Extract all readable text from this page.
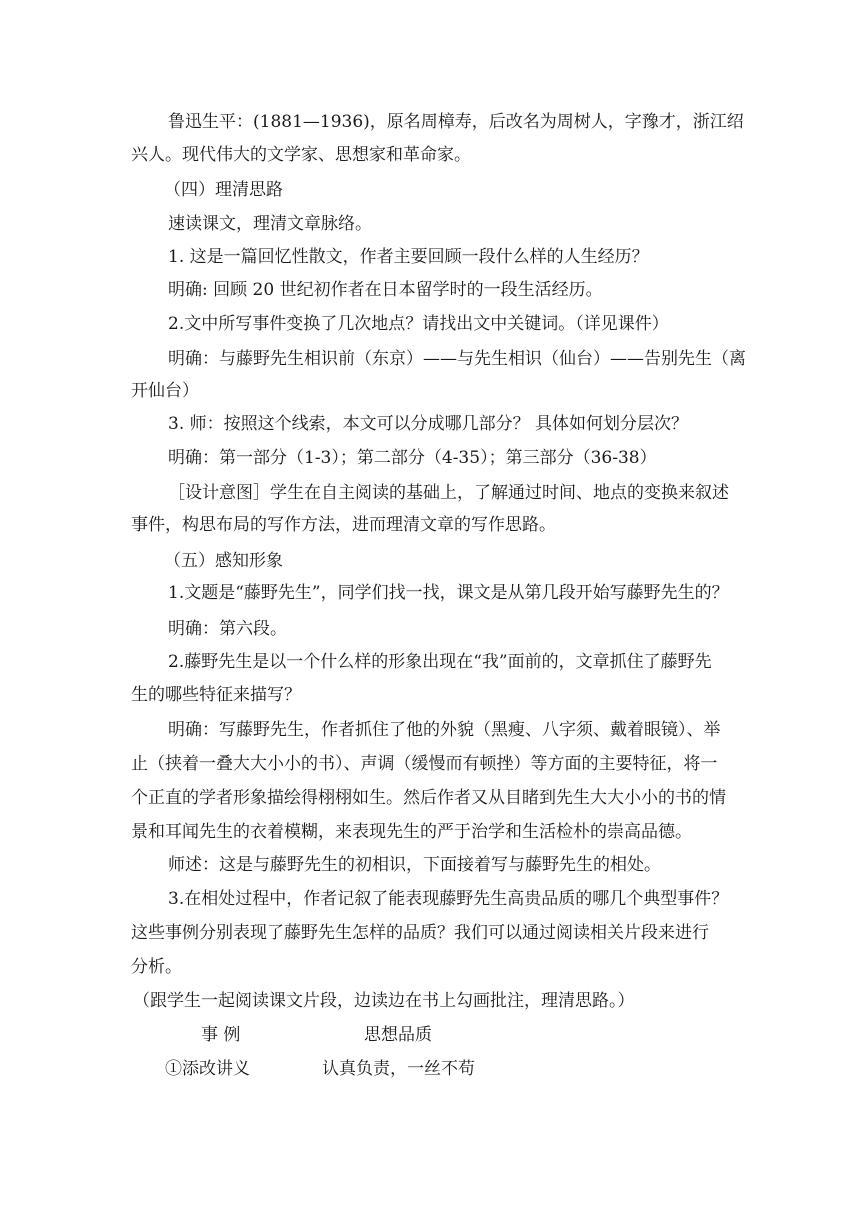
鲁迅生平：(1881—1936)，原名周樟寿，后改名为周树人，字豫才，浙江绍
兴人。现代伟大的文学家、思想家和革命家。
（四）理清思路
速读课文，理清文章脉络。
1. 这是一篇回忆性散文，作者主要回顾一段什么样的人生经历？
明确: 回顾 20 世纪初作者在日本留学时的一段生活经历。
2.文中所写事件变换了几次地点？请找出文中关键词。（详见课件）
明确：与藤野先生相识前（东京）——与先生相识（仙台）——告别先生（离
开仙台）
3. 师：按照这个线索，本文可以分成哪几部分？ 具体如何划分层次？
明确：第一部分（1-3）；第二部分（4-35）；第三部分（36-38）
［设计意图］学生在自主阅读的基础上，了解通过时间、地点的变换来叙述
事件，构思布局的写作方法，进而理清文章的写作思路。
（五）感知形象
1.文题是“藤野先生”，同学们找一找，课文是从第几段开始写藤野先生的？
明确：第六段。
2.藤野先生是以一个什么样的形象出现在“我”面前的，文章抓住了藤野先
生的哪些特征来描写？
明确：写藤野先生，作者抓住了他的外貌（黑瘦、八字须、戴着眼镜）、举
止（挟着一叠大大小小的书）、声调（缓慢而有顿挫）等方面的主要特征，将一
个正直的学者形象描绘得栩栩如生。然后作者又从目睹到先生大大小小的书的情
景和耳闻先生的衣着模糊，来表现先生的严于治学和生活检朴的崇高品德。
师述：这是与藤野先生的初相识，下面接着写与藤野先生的相处。
3.在相处过程中，作者记叙了能表现藤野先生高贵品质的哪几个典型事件？
这些事例分别表现了藤野先生怎样的品质？我们可以通过阅读相关片段来进行
分析。
（跟学生一起阅读课文片段，边读边在书上勾画批注，理清思路。）
事 例	思想品质
①添改讲义	认真负责，一丝不苟
